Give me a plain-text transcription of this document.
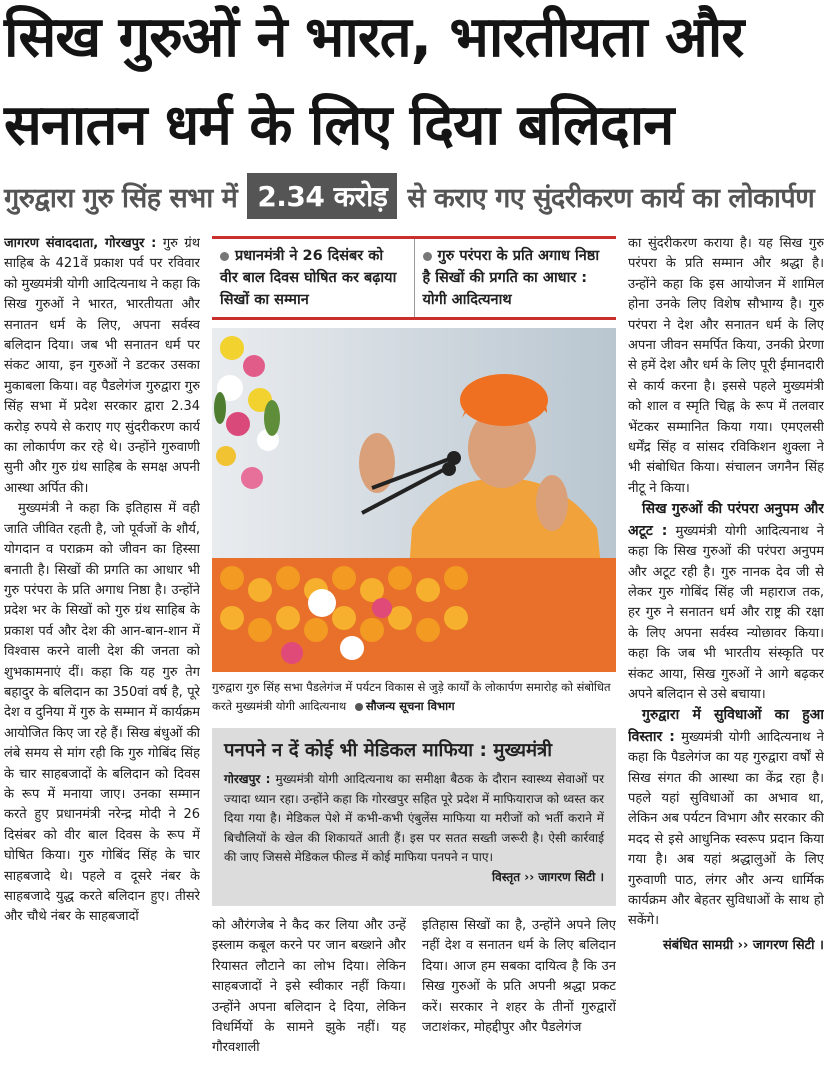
सिख गुरुओं ने भारत, भारतीयता और
सनातन धर्म के लिए दिया बलिदान
गुरुद्वारा गुरु सिंह सभा में 2.34 करोड़ से कराए गए सुंदरीकरण कार्य का लोकार्पण

जागरण संवाददाता, गोरखपुर : गुरु ग्रंथ साहिब के 421वें प्रकाश पर्व पर रविवार को मुख्यमंत्री योगी आदित्यनाथ ने कहा कि सिख गुरुओं ने भारत, भारतीयता और सनातन धर्म के लिए, अपना सर्वस्व बलिदान दिया। जब भी सनातन धर्म पर संकट आया, इन गुरुओं ने डटकर उसका मुकाबला किया। वह पैडलेगंज गुरुद्वारा गुरु सिंह सभा में प्रदेश सरकार द्वारा 2.34 करोड़ रुपये से कराए गए सुंदरीकरण कार्य का लोकार्पण कर रहे थे। उन्होंने गुरुवाणी सुनी और गुरु ग्रंथ साहिब के समक्ष अपनी आस्था अर्पित की।

मुख्यमंत्री ने कहा कि इतिहास में वही जाति जीवित रहती है, जो पूर्वजों के शौर्य, योगदान व पराक्रम को जीवन का हिस्सा बनाती है। सिखों की प्रगति का आधार भी गुरु परंपरा के प्रति अगाध निष्ठा है। उन्होंने प्रदेश भर के सिखों को गुरु ग्रंथ साहिब के प्रकाश पर्व और देश की आन-बान-शान में विश्वास करने वाली देश की जनता को शुभकामनाएं दीं। कहा कि यह गुरु तेग बहादुर के बलिदान का 350वां वर्ष है, पूरे देश व दुनिया में गुरु के सम्मान में कार्यक्रम आयोजित किए जा रहे हैं। सिख बंधुओं की लंबे समय से मांग रही कि गुरु गोबिंद सिंह के चार साहबजादों के बलिदान को दिवस के रूप में मनाया जाए। उनका सम्मान करते हुए प्रधानमंत्री नरेन्द्र मोदी ने 26 दिसंबर को वीर बाल दिवस के रूप में घोषित किया। गुरु गोबिंद सिंह के चार साहबजादे थे। पहले व दूसरे नंबर के साहबजादे युद्ध करते बलिदान हुए। तीसरे और चौथे नंबर के साहबजादों

प्रधानमंत्री ने 26 दिसंबर को वीर बाल दिवस घोषित कर बढ़ाया सिखों का सम्मान
गुरु परंपरा के प्रति अगाध निष्ठा है सिखों की प्रगति का आधार : योगी आदित्यनाथ
गुरुद्वारा गुरु सिंह सभा पैडलेगंज में पर्यटन विकास से जुड़े कार्यों के लोकार्पण समारोह को संबोधित करते मुख्यमंत्री योगी आदित्यनाथ सौजन्य सूचना विभाग
पनपने न दें कोई भी मेडिकल माफिया : मुख्यमंत्री
गोरखपुर : मुख्यमंत्री योगी आदित्यनाथ का समीक्षा बैठक के दौरान स्वास्थ्य सेवाओं पर ज्यादा ध्यान रहा। उन्होंने कहा कि गोरखपुर सहित पूरे प्रदेश में माफियाराज को ध्वस्त कर दिया गया है। मेडिकल पेशे में कभी-कभी एंबुलेंस माफिया या मरीजों को भर्ती कराने में बिचौलियों के खेल की शिकायतें आती हैं। इस पर सतत सख्ती जरूरी है। ऐसी कार्रवाई की जाए जिससे मेडिकल फील्ड में कोई माफिया पनपने न पाए।
विस्तृत ›› जागरण सिटी ।

को औरंगजेब ने कैद कर लिया और उन्हें इस्लाम कबूल करने पर जान बख्शने और रियासत लौटाने का लोभ दिया। लेकिन साहबजादों ने इसे स्वीकार नहीं किया। उन्होंने अपना बलिदान दे दिया, लेकिन विधर्मियों के सामने झुके नहीं। यह गौरवशाली

इतिहास सिखों का है, उन्होंने अपने लिए नहीं देश व सनातन धर्म के लिए बलिदान दिया। आज हम सबका दायित्व है कि उन सिख गुरुओं के प्रति अपनी श्रद्धा प्रकट करें। सरकार ने शहर के तीनों गुरुद्वारों जटाशंकर, मोहद्दीपुर और पैडलेगंज

का सुंदरीकरण कराया है। यह सिख गुरु परंपरा के प्रति सम्मान और श्रद्धा है। उन्होंने कहा कि इस आयोजन में शामिल होना उनके लिए विशेष सौभाग्य है। गुरु परंपरा ने देश और सनातन धर्म के लिए अपना जीवन समर्पित किया, उनकी प्रेरणा से हमें देश और धर्म के लिए पूरी ईमानदारी से कार्य करना है। इससे पहले मुख्यमंत्री को शाल व स्मृति चिह्न के रूप में तलवार भेंटकर सम्मानित किया गया। एमएलसी धर्मेंद्र सिंह व सांसद रविकिशन शुक्ला ने भी संबोधित किया। संचालन जगनैन सिंह नीटू ने किया।

सिख गुरुओं की परंपरा अनुपम और अटूट : मुख्यमंत्री योगी आदित्यनाथ ने कहा कि सिख गुरुओं की परंपरा अनुपम और अटूट रही है। गुरु नानक देव जी से लेकर गुरु गोबिंद सिंह जी महाराज तक, हर गुरु ने सनातन धर्म और राष्ट्र की रक्षा के लिए अपना सर्वस्व न्योछावर किया। कहा कि जब भी भारतीय संस्कृति पर संकट आया, सिख गुरुओं ने आगे बढ़कर अपने बलिदान से उसे बचाया।

गुरुद्वारा में सुविधाओं का हुआ विस्तार : मुख्यमंत्री योगी आदित्यनाथ ने कहा कि पैडलेगंज का यह गुरुद्वारा वर्षों से सिख संगत की आस्था का केंद्र रहा है। पहले यहां सुविधाओं का अभाव था, लेकिन अब पर्यटन विभाग और सरकार की मदद से इसे आधुनिक स्वरूप प्रदान किया गया है। अब यहां श्रद्धालुओं के लिए गुरुवाणी पाठ, लंगर और अन्य धार्मिक कार्यक्रम और बेहतर सुविधाओं के साथ हो सकेंगे।

संबंधित सामग्री ›› जागरण सिटी ।
